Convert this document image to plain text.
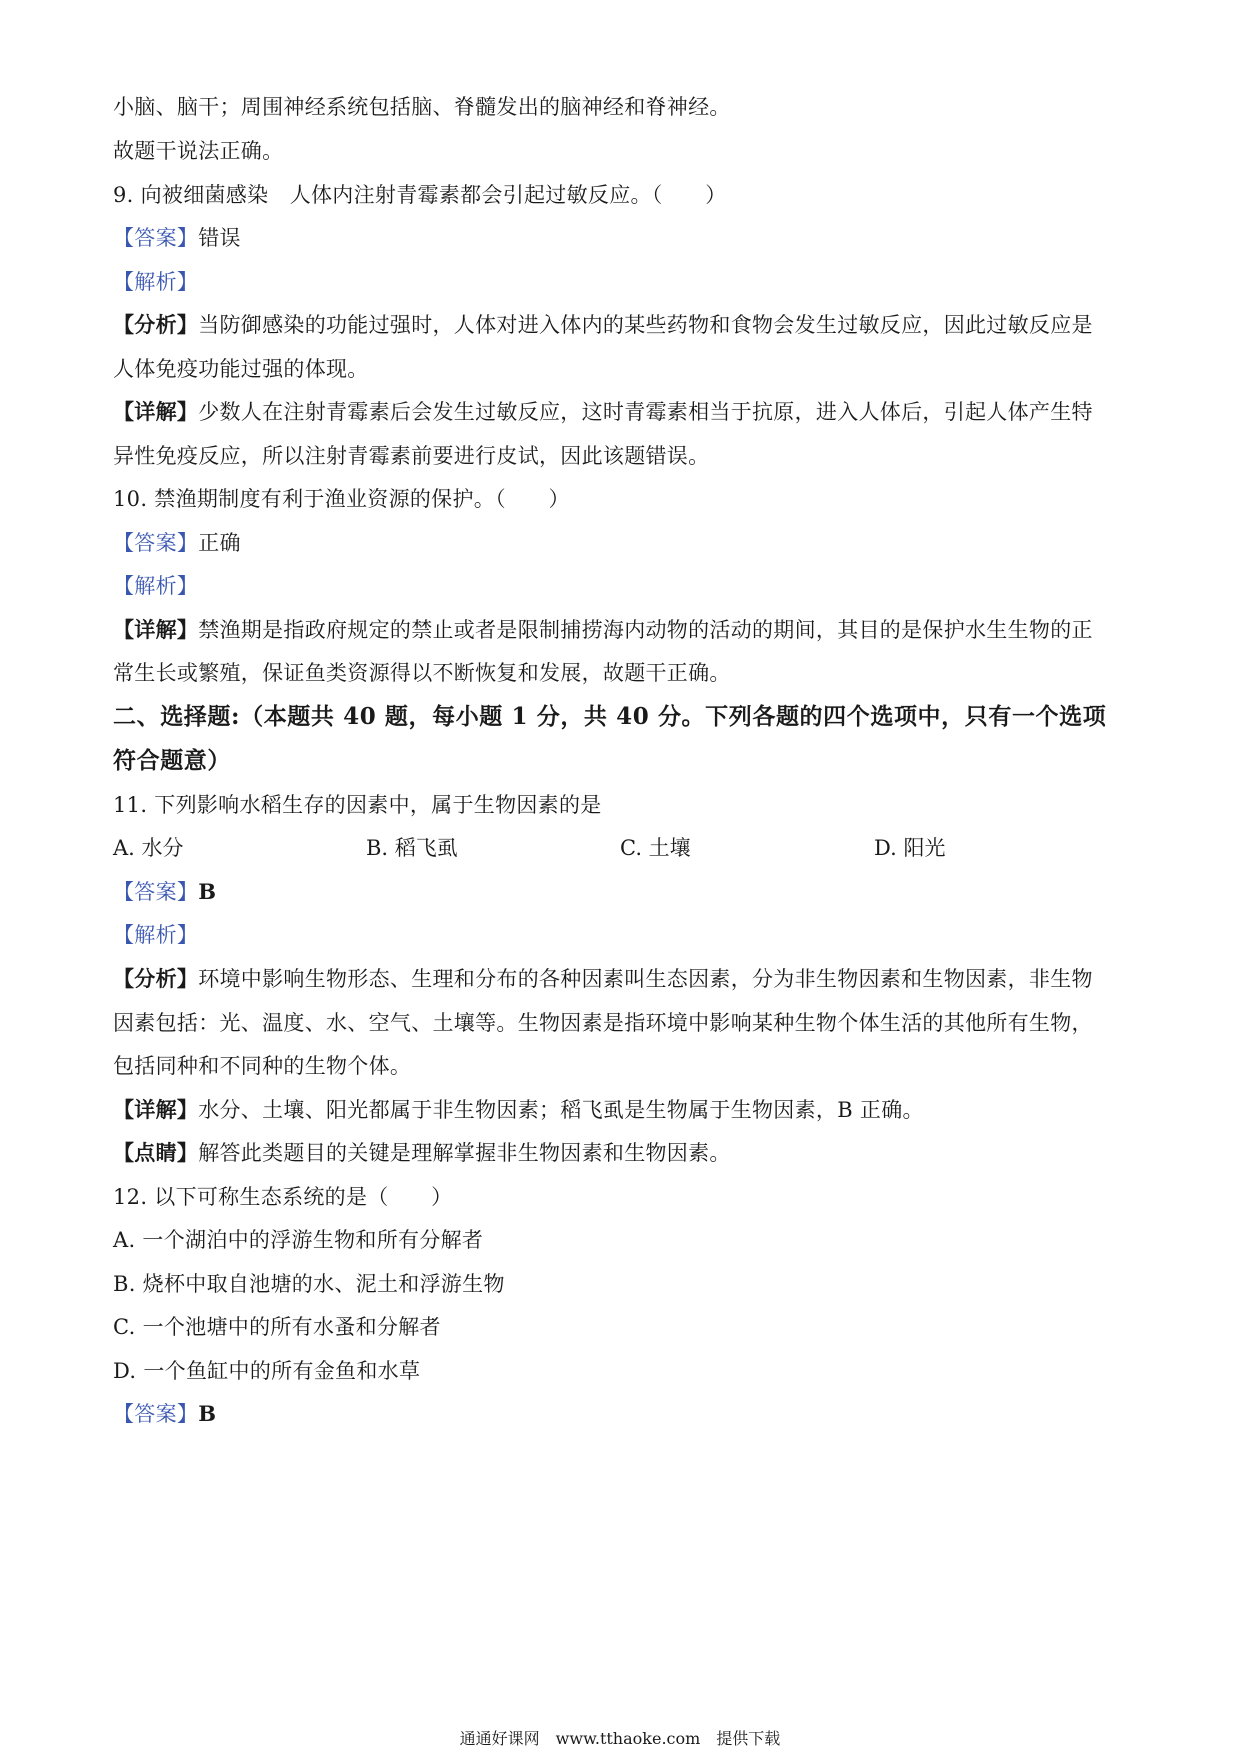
小脑、脑干；周围神经系统包括脑、脊髓发出的脑神经和脊神经。
故题干说法正确。
9. 向被细菌感染　人体内注射青霉素都会引起过敏反应。（　　）
【答案】错误
【解析】
【分析】当防御感染的功能过强时，人体对进入体内的某些药物和食物会发生过敏反应，因此过敏反应是
人体免疫功能过强的体现。
【详解】少数人在注射青霉素后会发生过敏反应，这时青霉素相当于抗原，进入人体后，引起人体产生特
异性免疫反应，所以注射青霉素前要进行皮试，因此该题错误。
10. 禁渔期制度有利于渔业资源的保护。（　　）
【答案】正确
【解析】
【详解】禁渔期是指政府规定的禁止或者是限制捕捞海内动物的活动的期间，其目的是保护水生生物的正
常生长或繁殖，保证鱼类资源得以不断恢复和发展，故题干正确。
二、选择题:（本题共 40 题，每小题 1 分，共 40 分。下列各题的四个选项中，只有一个选项
符合题意）
11. 下列影响水稻生存的因素中，属于生物因素的是
A. 水分	B. 稻飞虱	C. 土壤	D. 阳光
【答案】B
【解析】
【分析】环境中影响生物形态、生理和分布的各种因素叫生态因素，分为非生物因素和生物因素，非生物
因素包括：光、温度、水、空气、土壤等。生物因素是指环境中影响某种生物个体生活的其他所有生物，
包括同种和不同种的生物个体。
【详解】水分、土壤、阳光都属于非生物因素；稻飞虱是生物属于生物因素，B 正确。
【点睛】解答此类题目的关键是理解掌握非生物因素和生物因素。
12. 以下可称生态系统的是（　　）
A. 一个湖泊中的浮游生物和所有分解者
B. 烧杯中取自池塘的水、泥土和浮游生物
C. 一个池塘中的所有水蚤和分解者
D. 一个鱼缸中的所有金鱼和水草
【答案】B
通通好课网　www.tthaoke.com　提供下载
